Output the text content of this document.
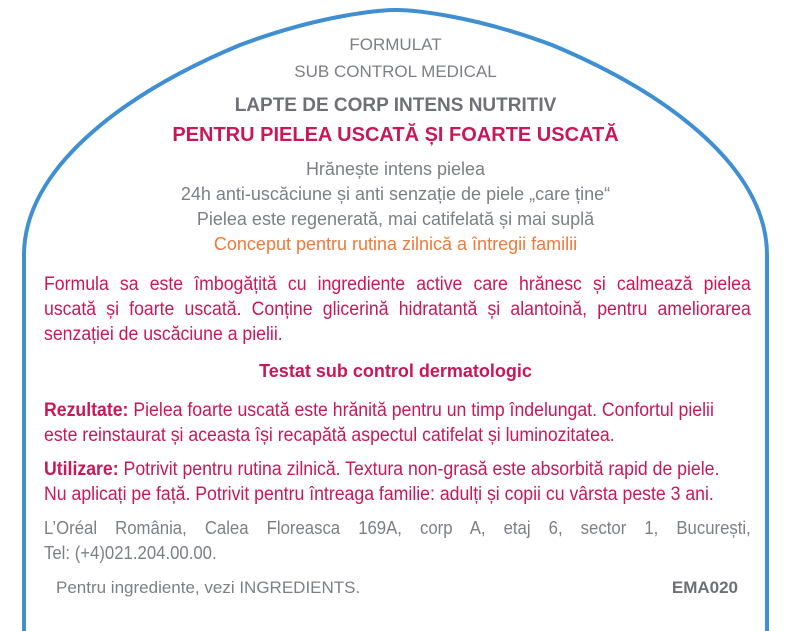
FORMULAT
SUB CONTROL MEDICAL
LAPTE DE CORP INTENS NUTRITIV
PENTRU PIELEA USCATĂ ȘI FOARTE USCATĂ
Hrănește intens pielea
24h anti-uscăciune și anti senzație de piele „care ține“
Pielea este regenerată, mai catifelată și mai suplă
Conceput pentru rutina zilnică a întregii familii
Formula sa este îmbogățită cu ingrediente active care hrănesc și calmează pielea
uscată și foarte uscată. Conține glicerină hidratantă și alantoină, pentru ameliorarea
senzației de uscăciune a pielii.
Testat sub control dermatologic
Rezultate: Pielea foarte uscată este hrănită pentru un timp îndelungat. Confortul pielii
este reinstaurat și aceasta își recapătă aspectul catifelat și luminozitatea.
Utilizare: Potrivit pentru rutina zilnică. Textura non-grasă este absorbită rapid de piele.
Nu aplicați pe față. Potrivit pentru întreaga familie: adulți și copii cu vârsta peste 3 ani.
L’Oréal România, Calea Floreasca 169A, corp A, etaj 6, sector 1, București,
Tel: (+4)021.204.00.00.
Pentru ingrediente, vezi INGREDIENTS.	EMA020
